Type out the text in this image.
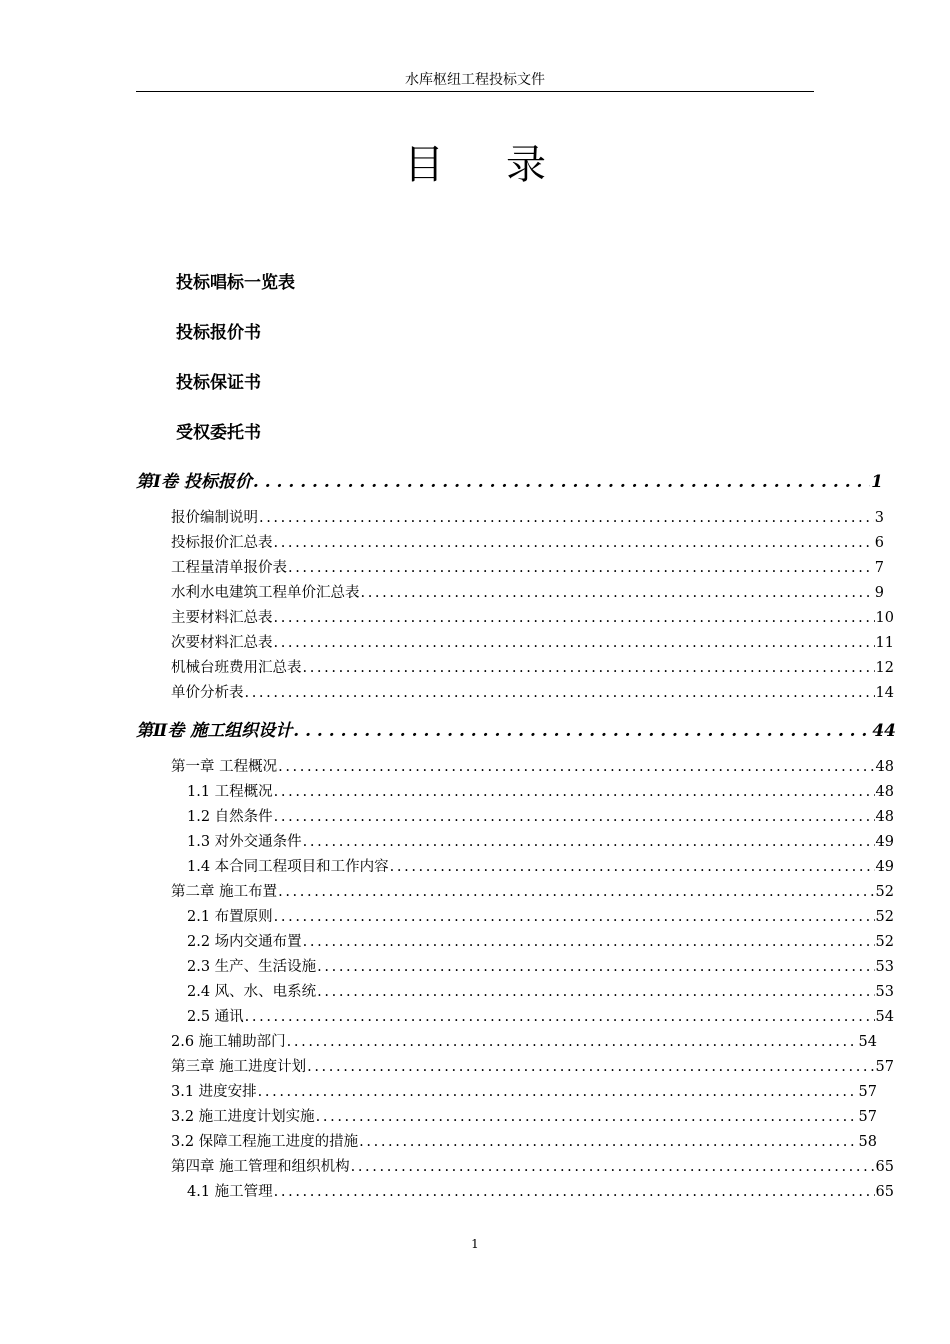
水库枢纽工程投标文件
目录
投标唱标一览表
投标报价书
投标保证书
受权委托书
第Ⅰ卷 投标报价 . . .	1
报价编制说明 . . .	3
投标报价汇总表 . . .	6
工程量清单报价表 . . .	7
水利水电建筑工程单价汇总表 . . .	9
主要材料汇总表 . . .	10
次要材料汇总表 . . .	11
机械台班费用汇总表 . . .	12
单价分析表 . . .	14
第Ⅱ卷 施工组织设计 . . .	44
第一章 工程概况 . . .	48
1.1 工程概况 . . .	48
1.2 自然条件 . . .	48
1.3 对外交通条件 . . .	49
1.4 本合同工程项目和工作内容 . . .	49
第二章 施工布置 . . .	52
2.1 布置原则 . . .	52
2.2 场内交通布置 . . .	52
2.3 生产、生活设施 . . .	53
2.4 风、水、电系统 . . .	53
2.5 通讯 . . .	54
2.6 施工辅助部门 . . .	54
第三章 施工进度计划 . . .	57
3.1 进度安排 . . .	57
3.2 施工进度计划实施 . . .	57
3.2 保障工程施工进度的措施 . . .	58
第四章 施工管理和组织机构 . . .	65
4.1 施工管理 . . .	65
1
